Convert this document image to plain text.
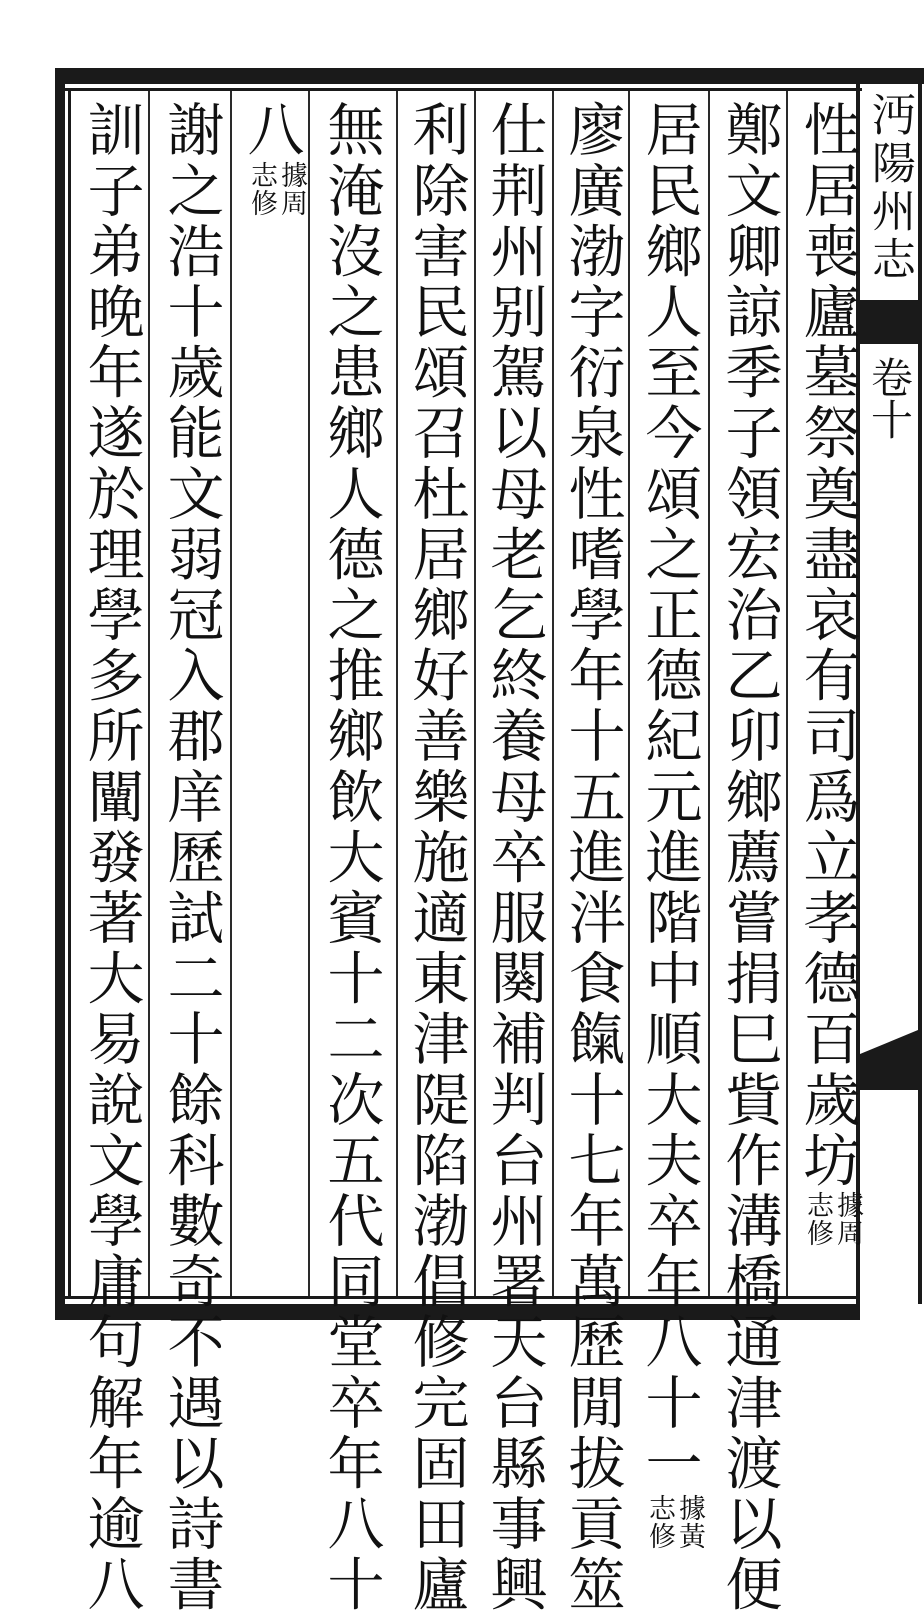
沔陽州志
卷十
性居喪廬墓祭奠盡哀有司爲立孝德百歲坊據周志修
鄭文卿諒季子領宏治乙卯鄉薦嘗捐巳貲作溝橋通津渡以便
居民鄉人至今頌之正德紀元進階中順大夫卒年八十一據黃志修
廖廣渤字衍泉性嗜學年十五進泮食餼十七年萬歷閒拔貢筮
仕荆州别駕以母老乞終養母卒服闋補判台州署天台縣事興
利除害民頌召杜居鄉好善樂施適東津隄陷渤倡修完固田廬
無淹沒之患鄉人德之推鄉飲大賓十二次五代同堂卒年八十
八據周志修
謝之浩十歲能文弱冠入郡庠歷試二十餘科數奇不遇以詩書
訓子弟晚年遂於理學多所闡發著大易說文學庸句解年逾八
